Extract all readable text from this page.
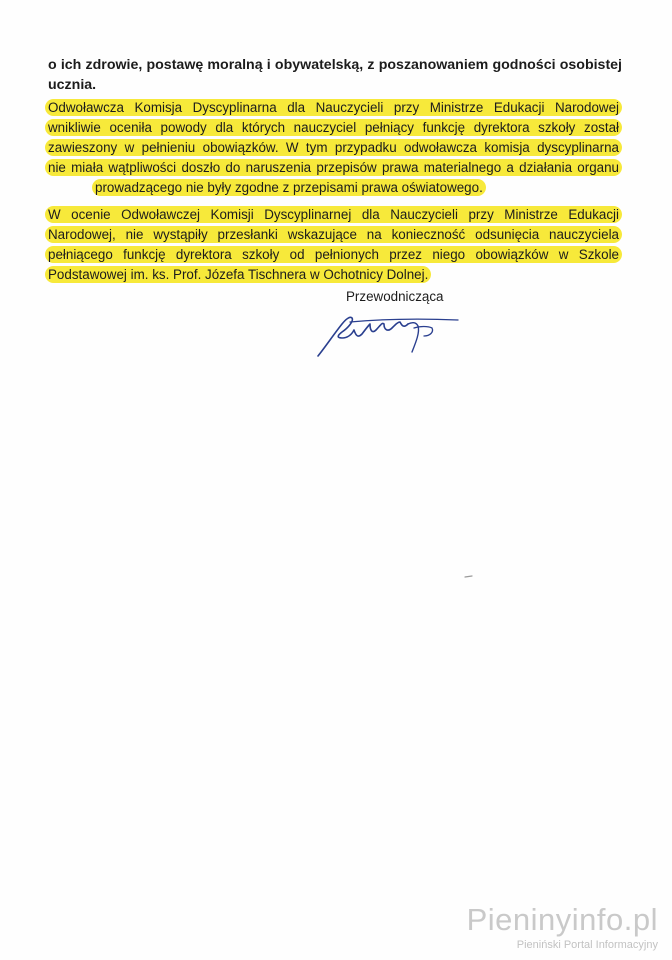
o ich zdrowie, postawę moralną i obywatelską, z poszanowaniem godności osobistej ucznia.
Odwoławcza Komisja Dyscyplinarna dla Nauczycieli przy Ministrze Edukacji Narodowej
wnikliwie oceniła powody dla których nauczyciel pełniący funkcję dyrektora szkoły został
zawieszony w pełnieniu obowiązków. W tym przypadku odwoławcza komisja dyscyplinarna
nie miała wątpliwości doszło do naruszenia przepisów prawa materialnego a działania organu
prowadzącego nie były zgodne z przepisami prawa oświatowego.
W ocenie Odwoławczej Komisji Dyscyplinarnej dla Nauczycieli przy Ministrze Edukacji
Narodowej, nie wystąpiły przesłanki wskazujące na konieczność odsunięcia nauczyciela
pełniącego funkcję dyrektora szkoły od pełnionych przez niego obowiązków w Szkole
Podstawowej im. ks. Prof. Józefa Tischnera w Ochotnicy Dolnej.
Przewodnicząca
Pieninyinfo.pl
Pieniński Portal Informacyjny
